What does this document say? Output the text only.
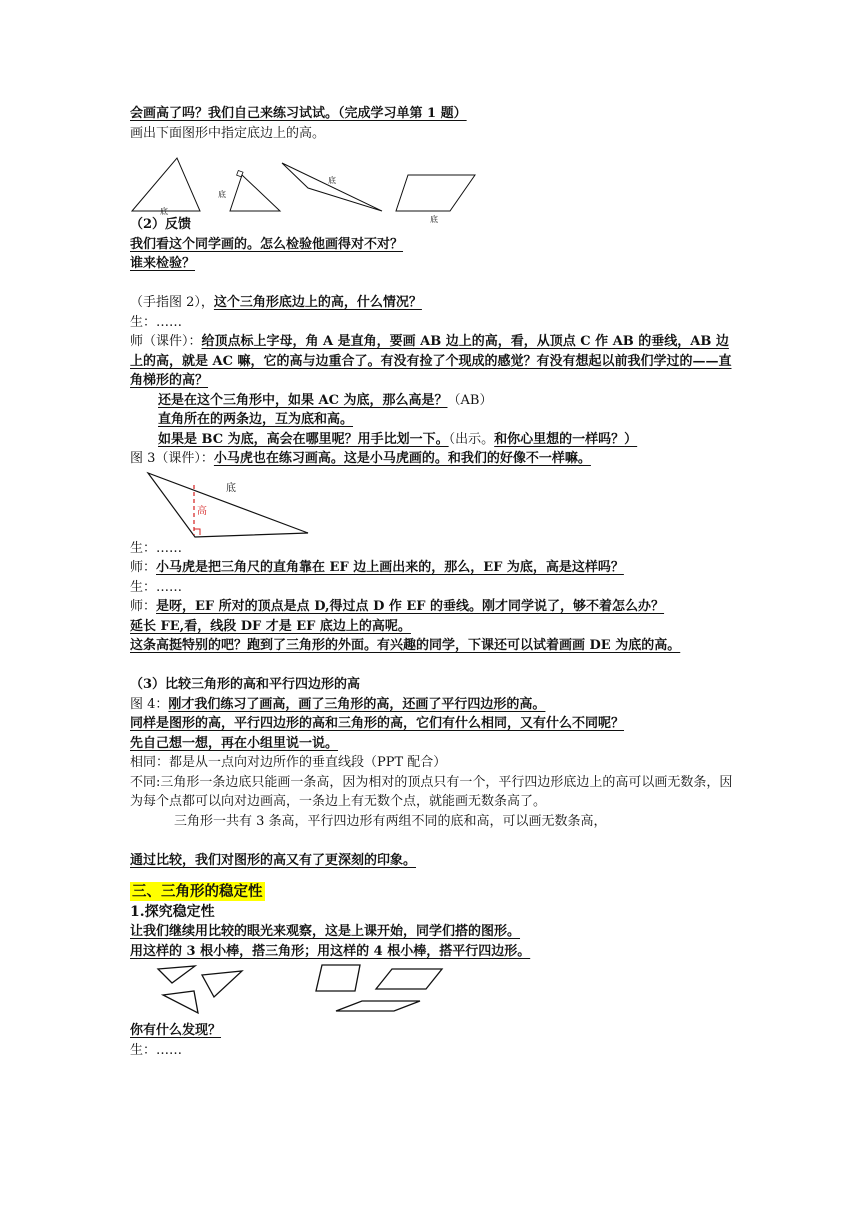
会画高了吗？我们自己来练习试试。（完成学习单第 1 题）

画出下面图形中指定底边上的高。

底
底
底
底

（2）反馈

我们看这个同学画的。怎么检验他画得对不对？

谁来检验？

（手指图 2），这个三角形底边上的高，什么情况？

生：……

师（课件）：给顶点标上字母，角 A 是直角，要画 AB 边上的高，看，从顶点 C 作 AB 的垂线，AB 边上的高，就是 AC 嘛，它的高与边重合了。有没有捡了个现成的感觉？有没有想起以前我们学过的——直角梯形的高？

还是在这个三角形中，如果 AC 为底，那么高是？（AB）

直角所在的两条边，互为底和高。

如果是 BC 为底，高会在哪里呢？用手比划一下。（出示。和你心里想的一样吗？）

图 3（课件）：小马虎也在练习画高。这是小马虎画的。和我们的好像不一样嘛。

底
高

生：……

师：小马虎是把三角尺的直角靠在 EF 边上画出来的，那么，EF 为底，高是这样吗？

生：……

师：是呀，EF 所对的顶点是点 D,得过点 D 作 EF 的垂线。刚才同学说了，够不着怎么办？

延长 FE,看，线段 DF 才是 EF 底边上的高呢。

这条高挺特别的吧？跑到了三角形的外面。有兴趣的同学，下课还可以试着画画 DE 为底的高。

（3）比较三角形的高和平行四边形的高

图 4：刚才我们练习了画高，画了三角形的高，还画了平行四边形的高。

同样是图形的高，平行四边形的高和三角形的高，它们有什么相同，又有什么不同呢？

先自己想一想，再在小组里说一说。

相同：都是从一点向对边所作的垂直线段（PPT 配合）

不同:三角形一条边底只能画一条高，因为相对的顶点只有一个，平行四边形底边上的高可以画无数条，因为每个点都可以向对边画高，一条边上有无数个点，就能画无数条高了。

三角形一共有 3 条高，平行四边形有两组不同的底和高，可以画无数条高，

通过比较，我们对图形的高又有了更深刻的印象。

三、三角形的稳定性

1.探究稳定性

让我们继续用比较的眼光来观察，这是上课开始，同学们搭的图形。

用这样的 3 根小棒，搭三角形；用这样的 4 根小棒，搭平行四边形。

你有什么发现？

生：……
